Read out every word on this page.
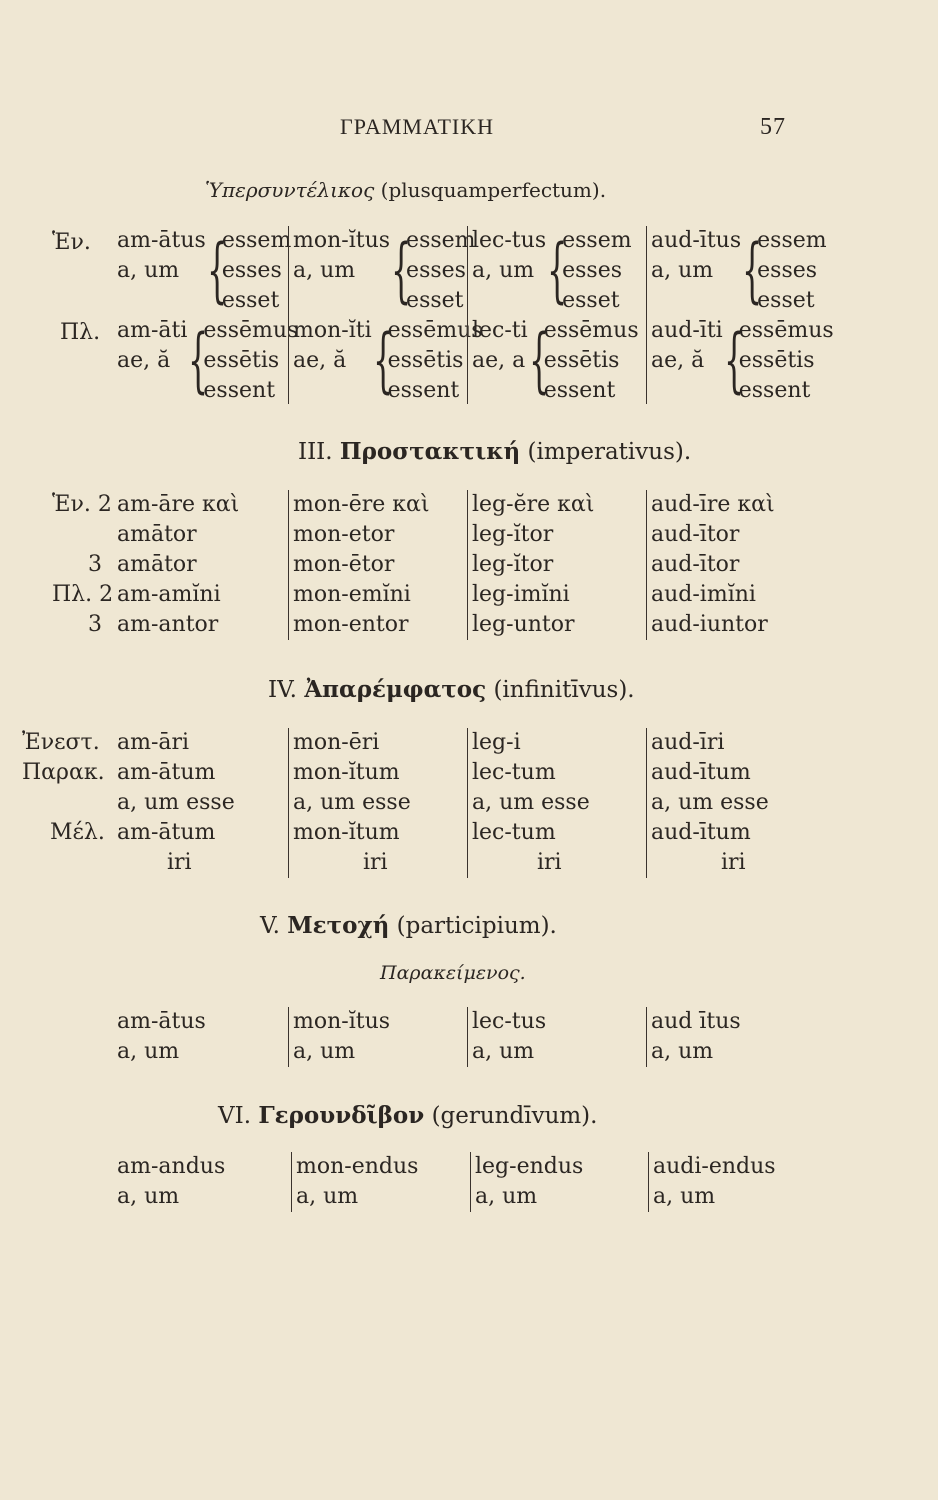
ΓΡΑΜΜΑΤΙΚΗ	57
Ὑπερσυντέλικος (plusquamperfectum).
Ἑν.
Πλ.
am-ātus
a, um {
essem
esses
esset
am-āti
ae, ă {
essēmus
essētis
essent
mon-ĭtus
a, um {
essem
esses
esset
mon-ĭti
ae, ă {
essēmus
essētis
essent
lec-tus
a, um {
essem
esses
esset
lec-ti
ae, a {
essēmus
essētis
essent
aud-ītus
a, um {
essem
esses
esset
aud-īti
ae, ă {
essēmus
essētis
essent
III. Προστακτική (imperativus).
Ἑν. 2
3
Πλ. 2
3
am-āre καὶ
amātor
amātor
am-amĭni
am-antor
mon-ēre καὶ
mon-etor
mon-ētor
mon-emĭni
mon-entor
leg-ĕre καὶ
leg-ĭtor
leg-ĭtor
leg-imĭni
leg-untor
aud-īre καὶ
aud-ītor
aud-ītor
aud-imĭni
aud-iuntor
IV. Ἀπαρέμφατος (infinitīvus).
Ἐνεστ.
Παρακ.
Μέλ.
am-āri
am-ātum
a, um esse
am-ātum
iri
mon-ēri
mon-ĭtum
a, um esse
mon-ĭtum
iri
leg-i
lec-tum
a, um esse
lec-tum
iri
aud-īri
aud-ītum
a, um esse
aud-ītum
iri
V. Μετοχή (participium).
Παρακείμενος.
am-ātus
a, um
mon-ĭtus
a, um
lec-tus
a, um
aud ītus
a, um
VI. Γερουνδῖβον (gerundīvum).
am-andus
a, um
mon-endus
a, um
leg-endus
a, um
audi-endus
a, um
